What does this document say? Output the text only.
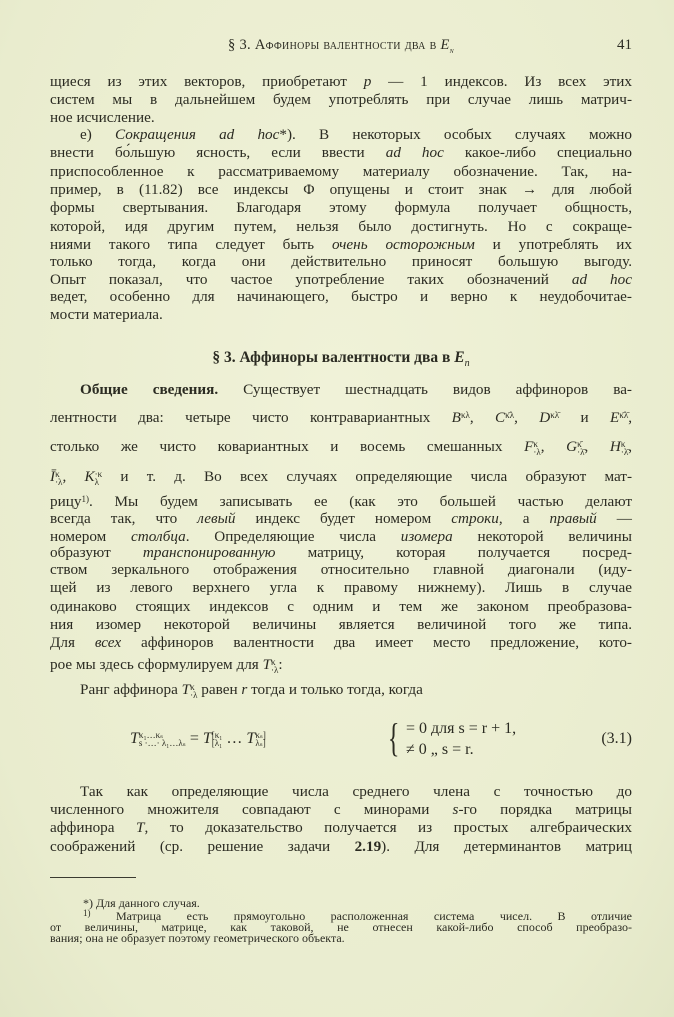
§ 3. Аффиноры валентности два в $E_n$	41
щиеся из этих векторов, приобретают p — 1 индексов. Из всех этих
систем мы в дальнейшем будем употреблять при случае лишь матрич-
ное исчисление.
е) Сокращения ad hoc*). В некоторых особых случаях можно
внести бо́льшую ясность, если ввести ad hoc какое-либо специально
приспособленное к рассматриваемому материалу обозначение. Так, на-
пример, в (11.82) все индексы Φ опущены и стоит знак → для любой
формы свертывания. Благодаря этому формула получает общность,
которой, идя другим путем, нельзя было достигнуть. Но с сокраще-
ниями такого типа следует быть очень осторожным и употреблять их
только тогда, когда они действительно приносят большую выгоду.
Опыт показал, что частое употребление таких обозначений ad hoc
ведет, особенно для начинающего, быстро и верно к неудобочитае-
мости материала.
Общие сведения. Существует шестнадцать видов аффиноров ва-
лентности два: четыре чисто контравариантных B κλ , C κ̄λ , D κλ̄ и E κ̄λ̄ ,
столько же чисто ковариантных и восемь смешанных F κ
·λ , G κ̄
·λ̄ , H κ
·λ̄ ,
Ī κ
·λ , K ·κ
λ и т. д. Во всех случаях определяющие числа образуют мат-
рицу 1) . Мы будем записывать ее (как это большей частью делают
всегда так, что левый индекс будет номером строки, а правый —
номером столбца. Определяющие числа изомера некоторой величины
образуют транспонированную матрицу, которая получается посред-
ством зеркального отображения относительно главной диагонали (иду-
щей из левого верхнего угла к правому нижнему). Лишь в случае
одинаково стоящих индексов с одним и тем же законом преобразова-
ния изомер некоторой величины является величиной того же типа.
Для всех аффиноров валентности два имеет место предложение, кото-
рое мы здесь сформулируем для T κ
·λ :
Ранг аффинора T κ
·λ равен r тогда и только тогда, когда
Так как определяющие числа среднего члена с точностью до
численного множителя совпадают с минорами s-го порядка матрицы
аффинора T, то доказательство получается из простых алгебраических
соображений (ср. решение задачи 2.19). Для детерминантов матриц
§ 3. Аффиноры валентности два в $E_n$
T κ₁…κₛ
s ·…· λ₁…λₛ = T [κ₁
[λ₁ … T κₛ]
λₛ]	{ = 0 для s = r + 1,
≠ 0 „ s = r.
(3.1)
*) Для данного случая.
1) Матрица есть прямоугольно расположенная система чисел. В отличие
от величины, матрице, как таковой, не отнесен какой-либо способ преобразо-
вания; она не образует поэтому геометрического объекта.
